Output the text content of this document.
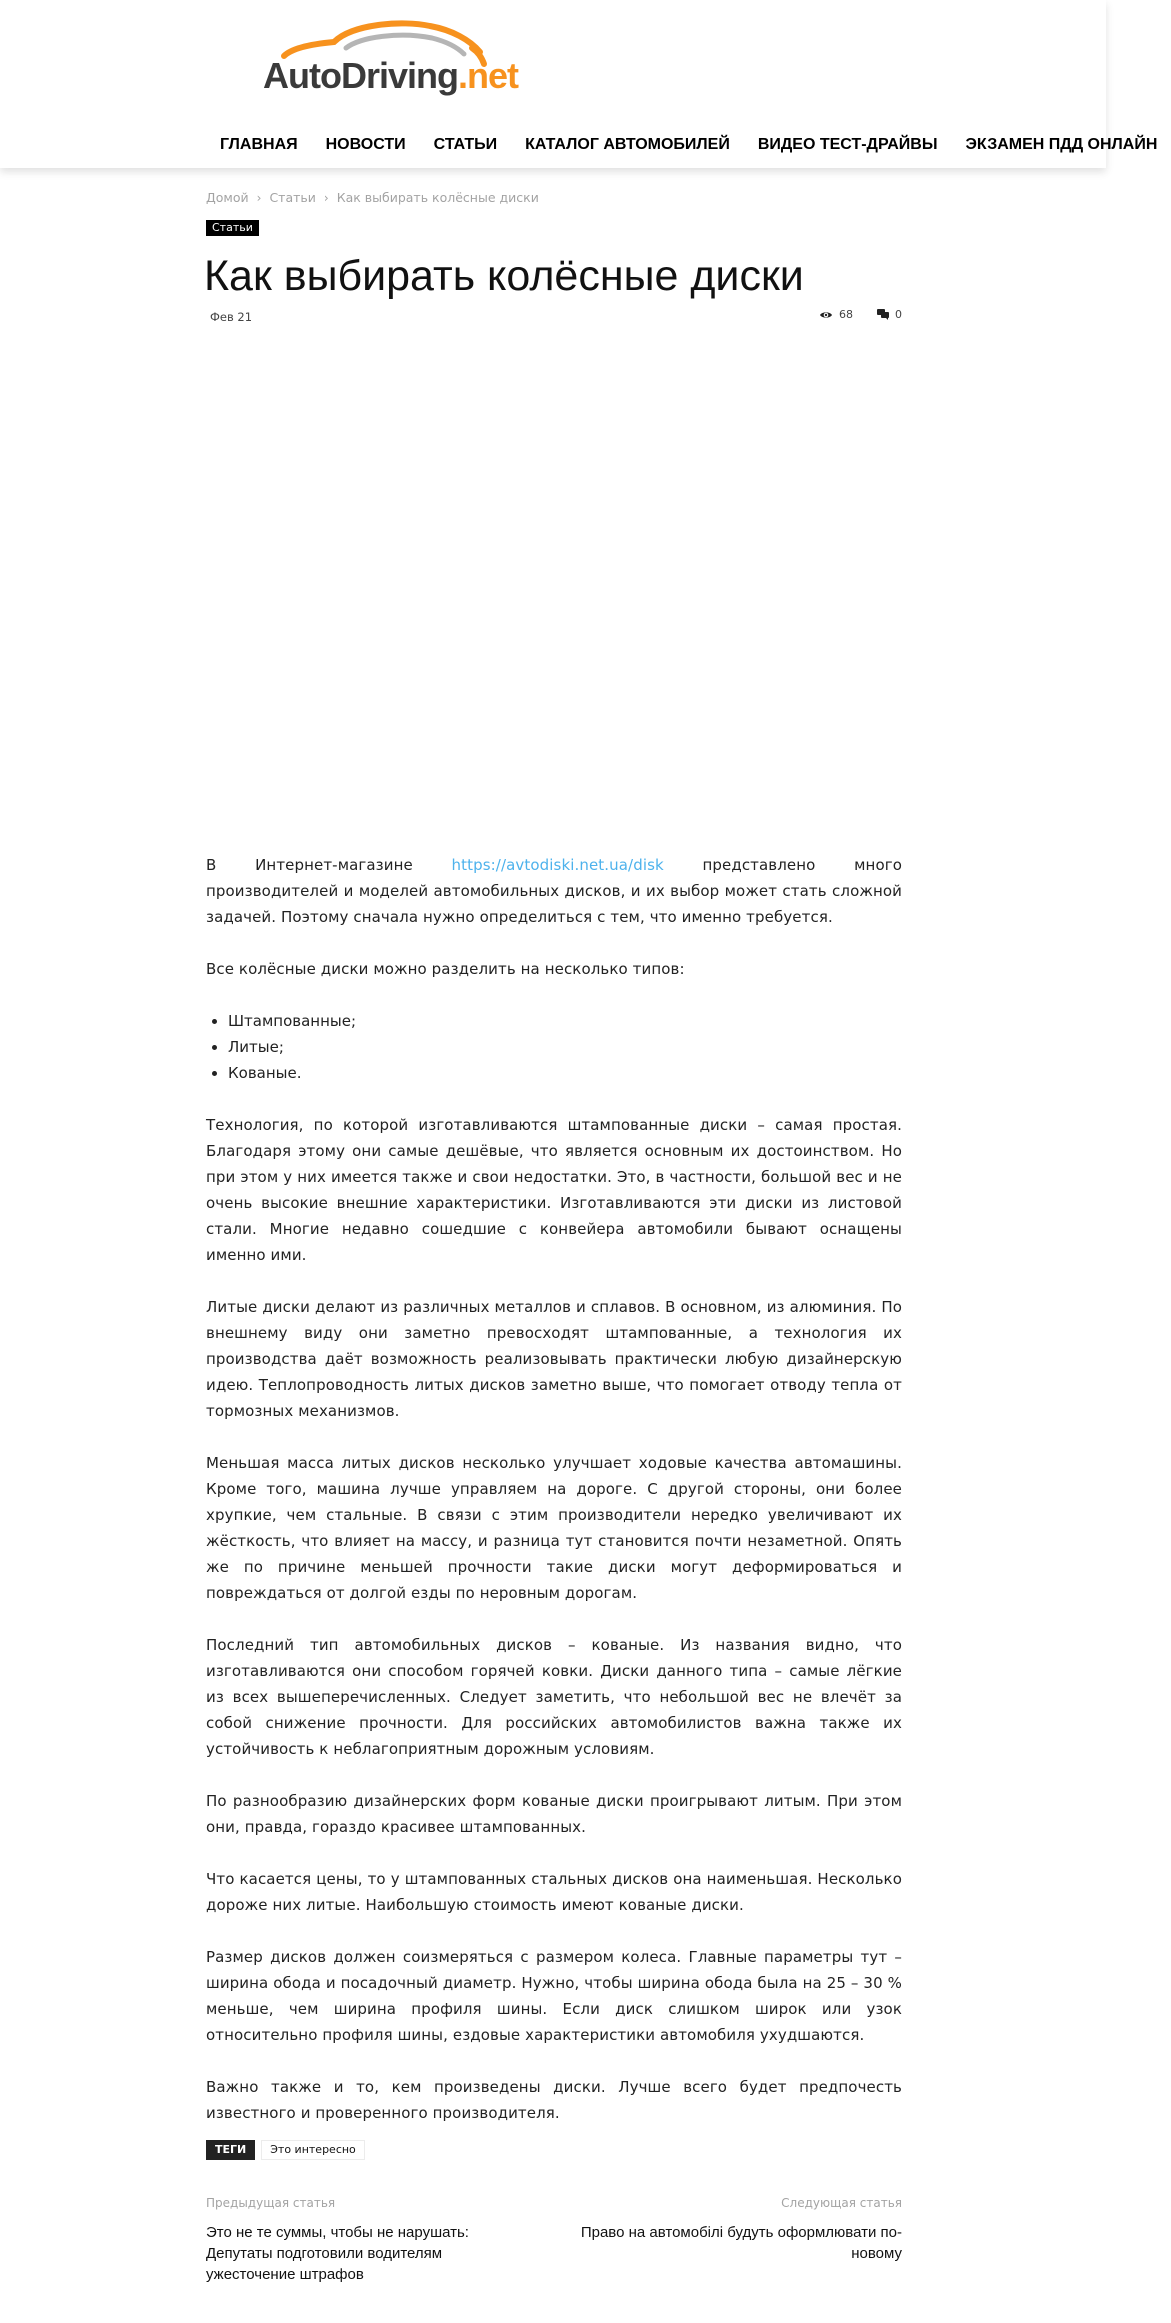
AutoDriving.net
ГЛАВНАЯ	НОВОСТИ	СТАТЬИ	КАТАЛОГ АВТОМОБИЛЕЙ	ВИДЕО ТЕСТ-ДРАЙВЫ	ЭКЗАМЕН ПДД ОНЛАЙН
Домой › Статьи › Как выбирать колёсные диски
Статьи
Как выбирать колёсные диски
Фев 21	68	0

В Интернет-магазине https://avtodiski.net.ua/disk представлено много производителей и моделей автомобильных дисков, и их выбор может стать сложной задачей. Поэтому сначала нужно определиться с тем, что именно требуется.

Все колёсные диски можно разделить на несколько типов:

• Штампованные;
• Литые;
• Кованые.

Технология, по которой изготавливаются штампованные диски – самая простая. Благодаря этому они самые дешёвые, что является основным их достоинством. Но при этом у них имеется также и свои недостатки. Это, в частности, большой вес и не очень высокие внешние характеристики. Изготавливаются эти диски из листовой стали. Многие недавно сошедшие с конвейера автомобили бывают оснащены именно ими.

Литые диски делают из различных металлов и сплавов. В основном, из алюминия. По внешнему виду они заметно превосходят штампованные, а технология их производства даёт возможность реализовывать практически любую дизайнерскую идею. Теплопроводность литых дисков заметно выше, что помогает отводу тепла от тормозных механизмов.

Меньшая масса литых дисков несколько улучшает ходовые качества автомашины. Кроме того, машина лучше управляем на дороге. С другой стороны, они более хрупкие, чем стальные. В связи с этим производители нередко увеличивают их жёсткость, что влияет на массу, и разница тут становится почти незаметной. Опять же по причине меньшей прочности такие диски могут деформироваться и повреждаться от долгой езды по неровным дорогам.

Последний тип автомобильных дисков – кованые. Из названия видно, что изготавливаются они способом горячей ковки. Диски данного типа – самые лёгкие из всех вышеперечисленных. Следует заметить, что небольшой вес не влечёт за собой снижение прочности. Для российских автомобилистов важна также их устойчивость к неблагоприятным дорожным условиям.

По разнообразию дизайнерских форм кованые диски проигрывают литым. При этом они, правда, гораздо красивее штампованных.

Что касается цены, то у штампованных стальных дисков она наименьшая. Несколько дороже них литые. Наибольшую стоимость имеют кованые диски.

Размер дисков должен соизмеряться с размером колеса. Главные параметры тут – ширина обода и посадочный диаметр. Нужно, чтобы ширина обода была на 25 – 30 % меньше, чем ширина профиля шины. Если диск слишком широк или узок относительно профиля шины, ездовые характеристики автомобиля ухудшаются.

Важно также и то, кем произведены диски. Лучше всего будет предпочесть известного и проверенного производителя.

ТЕГИ	Это интересно
Предыдущая статья	Следующая статья
Это не те суммы, чтобы не нарушать: Депутаты подготовили водителям ужесточение штрафов
Право на автомобілі будуть оформлювати по-новому
